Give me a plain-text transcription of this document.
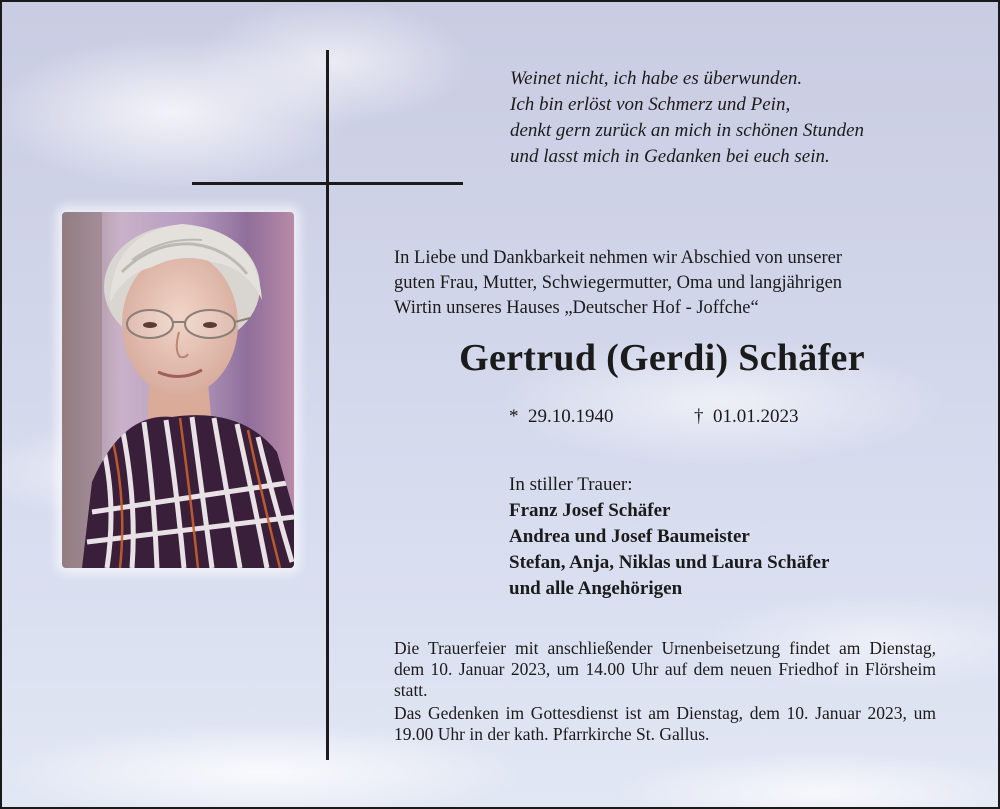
Weinet nicht, ich habe es überwunden.
Ich bin erlöst von Schmerz und Pein,
denkt gern zurück an mich in schönen Stunden
und lasst mich in Gedanken bei euch sein.
In Liebe und Dankbarkeit nehmen wir Abschied von unserer
guten Frau, Mutter, Schwiegermutter, Oma und langjährigen
Wirtin unseres Hauses „Deutscher Hof - Joffche“
Gertrud (Gerdi) Schäfer
* 29.10.1940	† 01.01.2023
In stiller Trauer:
Franz Josef Schäfer
Andrea und Josef Baumeister
Stefan, Anja, Niklas und Laura Schäfer
und alle Angehörigen

Die Trauerfeier mit anschließender Urnenbeisetzung findet am Dienstag, dem 10. Januar 2023, um 14.00 Uhr auf dem neuen Friedhof in Flörsheim statt.

Das Gedenken im Gottesdienst ist am Dienstag, dem 10. Januar 2023, um 19.00 Uhr in der kath. Pfarrkirche St. Gallus.
